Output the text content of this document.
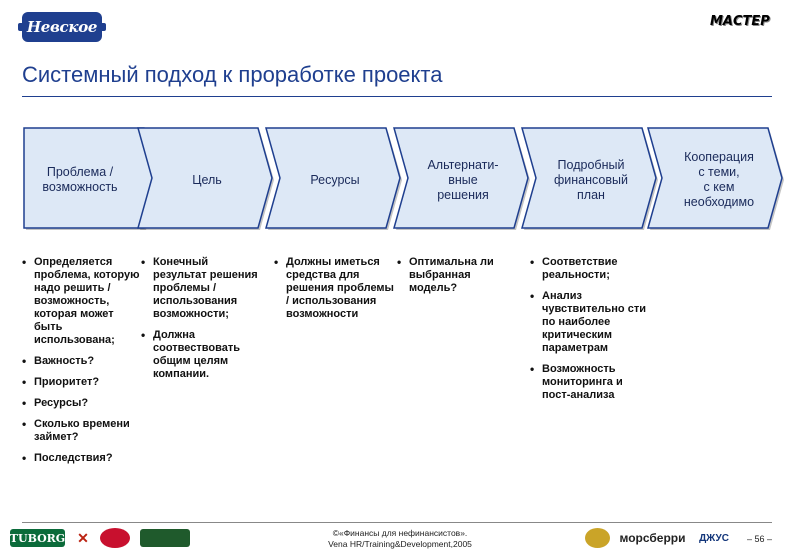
Невское	МАСТЕР
Системный подход к проработке проекта
Проблема /
возможность
Цель	Ресурсы
Альтернати-
вные
решения
Подробный
финансовый
план
Кооперация
с теми,
с кем
необходимо
• Определяется проблема, которую надо решить / возможность, которая может быть использована;
• Важность?
• Приоритет?
• Ресурсы?
• Сколько времени займет?
• Последствия?
• Конечный результат решения проблемы / использования возможности;
• Должна соотвествовать общим целям компании.
• Должны иметься средства для решения проблемы / использования возможности
• Оптимальна ли выбранная модель?
• Соответствие реальности;
• Анализ чувствительно сти по наиболее критическим параметрам
• Возможность мониторинга и пост-анализа
TUBORG ✕	©«Финансы для нефинансистов».
Vena HR/Training&Development,2005	морсберри	ДЖУС – 56 –
